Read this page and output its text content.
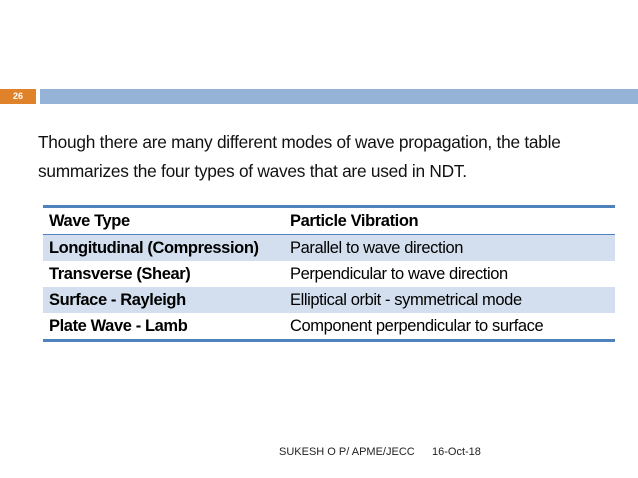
26
Though there are many different modes of wave propagation, the table summarizes the four types of waves that are used in NDT.
Wave Type	Particle Vibration
Longitudinal (Compression)	Parallel to wave direction
Transverse (Shear)	Perpendicular to wave direction
Surface - Rayleigh	Elliptical orbit - symmetrical mode
Plate Wave - Lamb	Component perpendicular to surface
SUKESH O P/ APME/JECC 16-Oct-18
